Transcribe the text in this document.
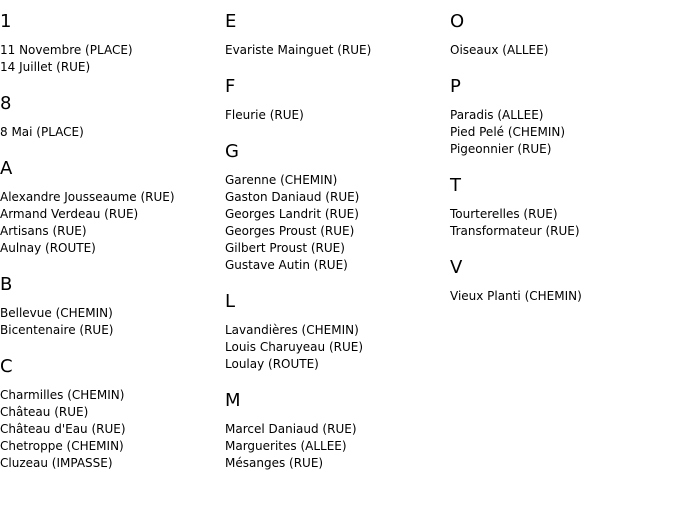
1
11 Novembre (PLACE)
14 Juillet (RUE)
8
8 Mai (PLACE)
A
Alexandre Jousseaume (RUE)
Armand Verdeau (RUE)
Artisans (RUE)
Aulnay (ROUTE)
B
Bellevue (CHEMIN)
Bicentenaire (RUE)
C
Charmilles (CHEMIN)
Château (RUE)
Château d'Eau (RUE)
Chetroppe (CHEMIN)
Cluzeau (IMPASSE)
E
Evariste Mainguet (RUE)
F
Fleurie (RUE)
G
Garenne (CHEMIN)
Gaston Daniaud (RUE)
Georges Landrit (RUE)
Georges Proust (RUE)
Gilbert Proust (RUE)
Gustave Autin (RUE)
L
Lavandières (CHEMIN)
Louis Charuyeau (RUE)
Loulay (ROUTE)
M
Marcel Daniaud (RUE)
Marguerites (ALLEE)
Mésanges (RUE)
O
Oiseaux (ALLEE)
P
Paradis (ALLEE)
Pied Pelé (CHEMIN)
Pigeonnier (RUE)
T
Tourterelles (RUE)
Transformateur (RUE)
V
Vieux Planti (CHEMIN)
